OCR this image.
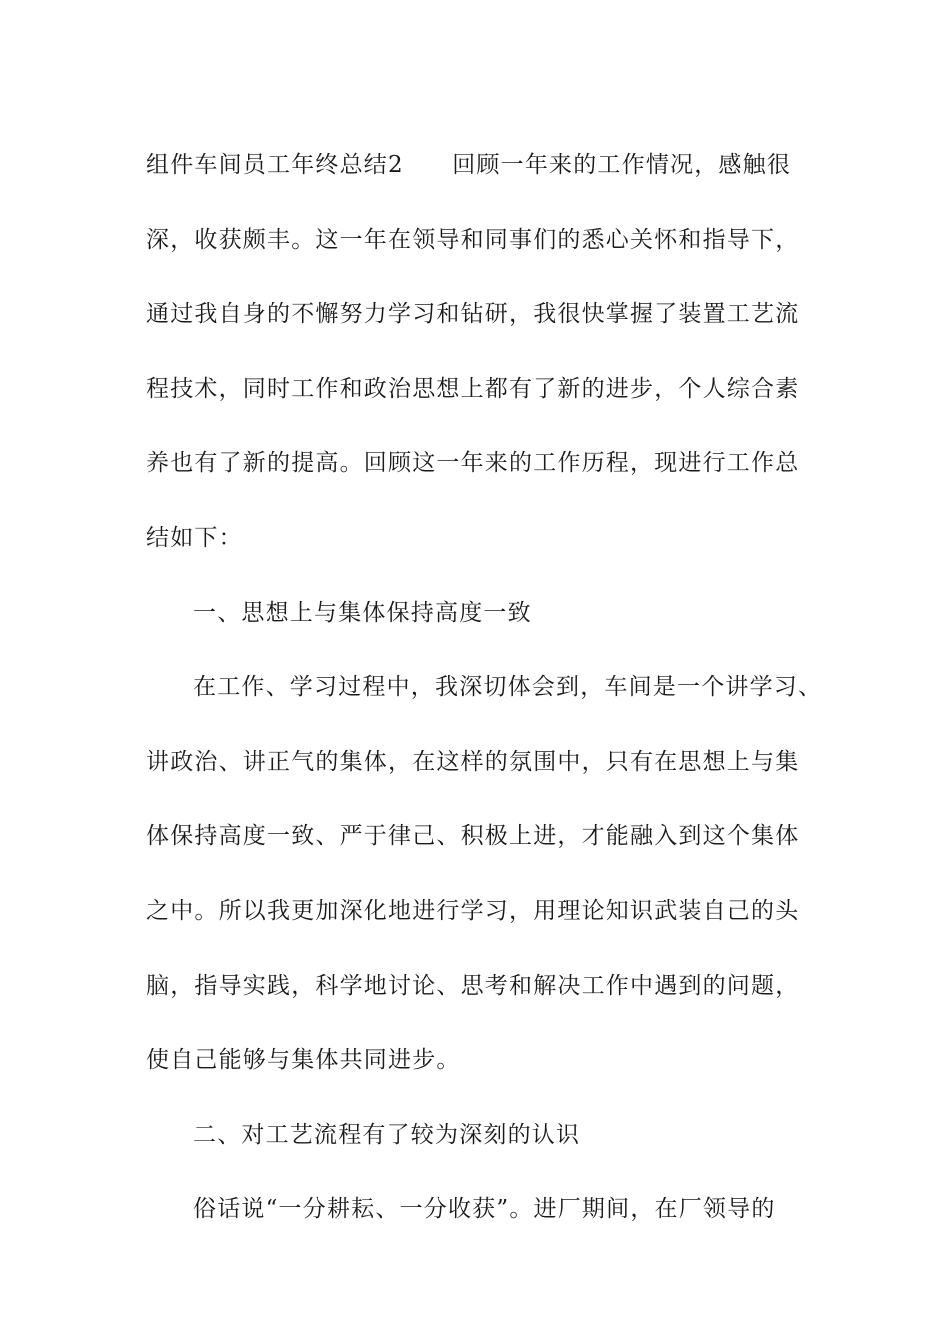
组件车间员工年终总结2　　回顾一年来的工作情况，感触很
深，收获颇丰。这一年在领导和同事们的悉心关怀和指导下，
通过我自身的不懈努力学习和钻研，我很快掌握了装置工艺流
程技术，同时工作和政治思想上都有了新的进步，个人综合素
养也有了新的提高。回顾这一年来的工作历程，现进行工作总
结如下：
一、思想上与集体保持高度一致
在工作、学习过程中，我深切体会到，车间是一个讲学习、
讲政治、讲正气的集体，在这样的氛围中，只有在思想上与集
体保持高度一致、严于律己、积极上进，才能融入到这个集体
之中。所以我更加深化地进行学习，用理论知识武装自己的头
脑，指导实践，科学地讨论、思考和解决工作中遇到的问题，
使自己能够与集体共同进步。
二、对工艺流程有了较为深刻的认识
俗话说“一分耕耘、一分收获”。进厂期间，在厂领导的
